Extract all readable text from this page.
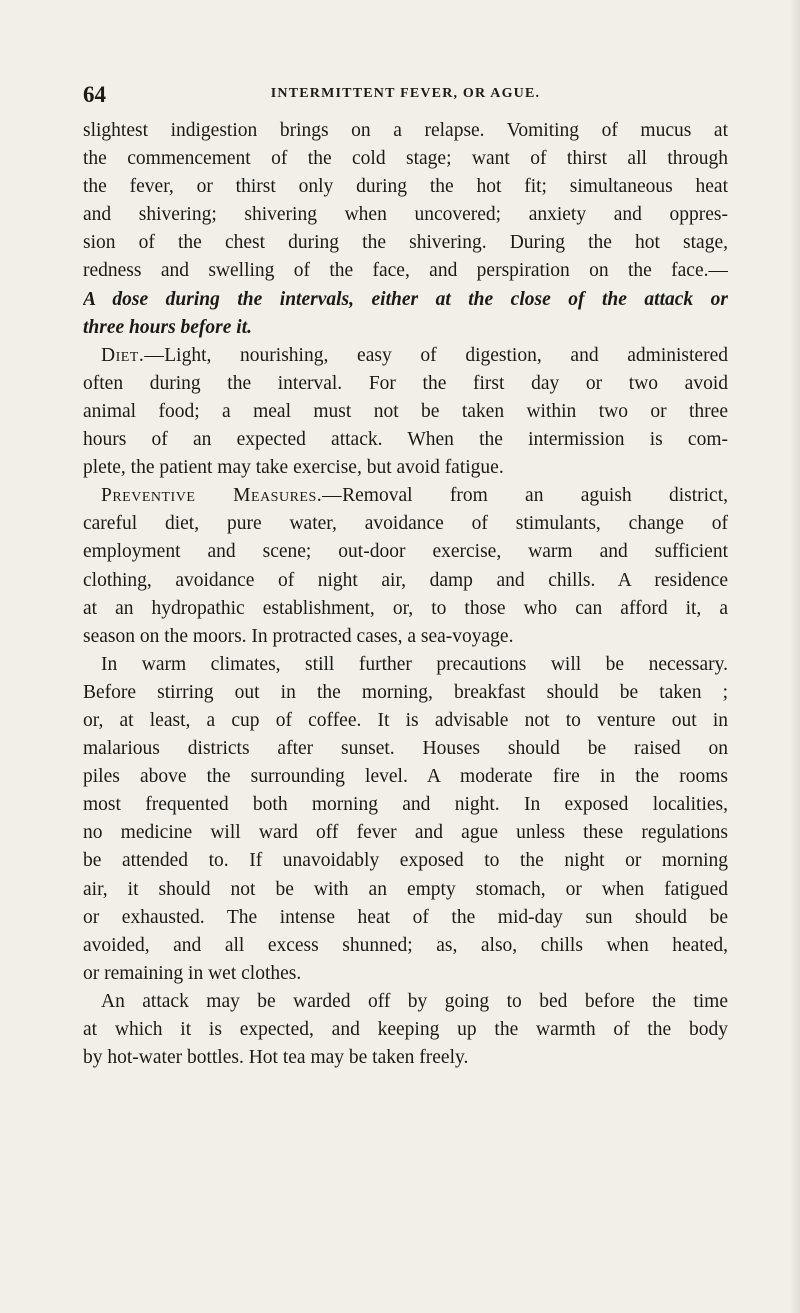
64	INTERMITTENT FEVER, OR AGUE.
slightest indigestion brings on a relapse. Vomiting of mucus at
the commencement of the cold stage; want of thirst all through
the fever, or thirst only during the hot fit; simultaneous heat
and shivering; shivering when uncovered; anxiety and oppres-
sion of the chest during the shivering. During the hot stage,
redness and swelling of the face, and perspiration on the face.—
A dose during the intervals, either at the close of the attack or
three hours before it.
Diet.—Light, nourishing, easy of digestion, and administered
often during the interval. For the first day or two avoid
animal food; a meal must not be taken within two or three
hours of an expected attack. When the intermission is com-
plete, the patient may take exercise, but avoid fatigue.
Preventive Measures.—Removal from an aguish district,
careful diet, pure water, avoidance of stimulants, change of
employment and scene; out-door exercise, warm and sufficient
clothing, avoidance of night air, damp and chills. A residence
at an hydropathic establishment, or, to those who can afford it, a
season on the moors. In protracted cases, a sea-voyage.
In warm climates, still further precautions will be necessary.
Before stirring out in the morning, breakfast should be taken ;
or, at least, a cup of coffee. It is advisable not to venture out in
malarious districts after sunset. Houses should be raised on
piles above the surrounding level. A moderate fire in the rooms
most frequented both morning and night. In exposed localities,
no medicine will ward off fever and ague unless these regulations
be attended to. If unavoidably exposed to the night or morning
air, it should not be with an empty stomach, or when fatigued
or exhausted. The intense heat of the mid-day sun should be
avoided, and all excess shunned; as, also, chills when heated,
or remaining in wet clothes.
An attack may be warded off by going to bed before the time
at which it is expected, and keeping up the warmth of the body
by hot-water bottles. Hot tea may be taken freely.
